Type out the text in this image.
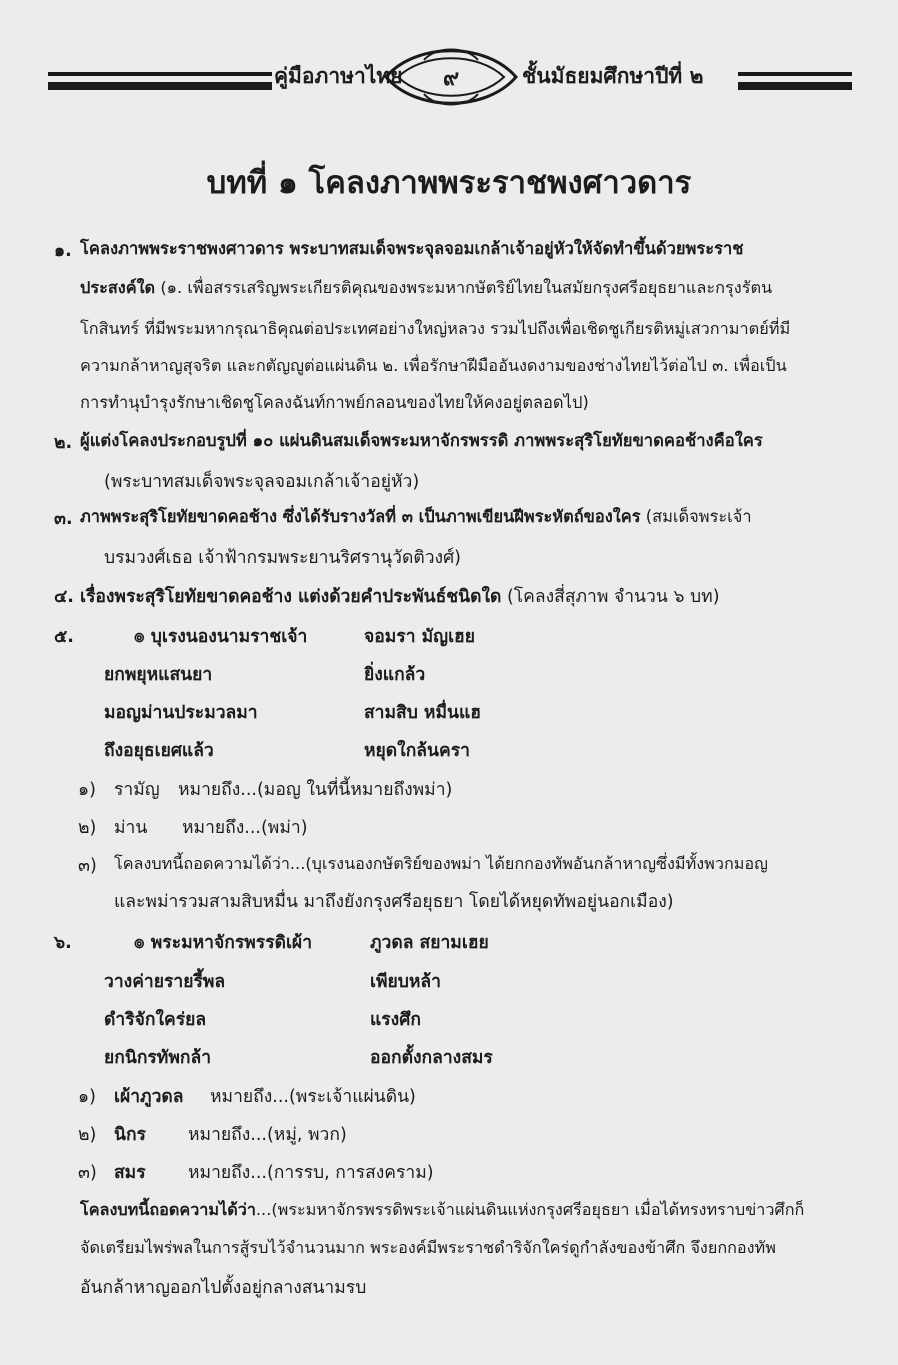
คู่มือภาษาไทย	๙	ชั้นมัธยมศึกษาปีที่ ๒
บทที่ ๑ โคลงภาพพระราชพงศาวดาร
๑. โคลงภาพพระราชพงศาวดาร พระบาทสมเด็จพระจุลจอมเกล้าเจ้าอยู่หัวให้จัดทำขึ้นด้วยพระราช
ประสงค์ใด (๑. เพื่อสรรเสริญพระเกียรติคุณของพระมหากษัตริย์ไทยในสมัยกรุงศรีอยุธยาและกรุงรัตน
โกสินทร์ ที่มีพระมหากรุณาธิคุณต่อประเทศอย่างใหญ่หลวง รวมไปถึงเพื่อเชิดชูเกียรติหมู่เสวกามาตย์ที่มี
ความกล้าหาญสุจริต และกตัญญูต่อแผ่นดิน ๒. เพื่อรักษาฝีมืออันงดงามของช่างไทยไว้ต่อไป ๓. เพื่อเป็น
การทำนุบำรุงรักษาเชิดชูโคลงฉันท์กาพย์กลอนของไทยให้คงอยู่ตลอดไป)
๒. ผู้แต่งโคลงประกอบรูปที่ ๑๐ แผ่นดินสมเด็จพระมหาจักรพรรดิ ภาพพระสุริโยทัยขาดคอช้างคือใคร
(พระบาทสมเด็จพระจุลจอมเกล้าเจ้าอยู่หัว)
๓. ภาพพระสุริโยทัยขาดคอช้าง ซึ่งได้รับรางวัลที่ ๓ เป็นภาพเขียนฝีพระหัตถ์ของใคร (สมเด็จพระเจ้า
บรมวงศ์เธอ เจ้าฟ้ากรมพระยานริศรานุวัดติวงศ์)
๔. เรื่องพระสุริโยทัยขาดคอช้าง แต่งด้วยคำประพันธ์ชนิดใด (โคลงสี่สุภาพ จำนวน ๖ บท)
๕.	๏ บุเรงนองนามราชเจ้า	จอมรา มัญเฮย
ยกพยุหแสนยา	ยิ่งแกล้ว
มอญม่านประมวลมา	สามสิบ หมื่นแฮ
ถึงอยุธเยศแล้ว	หยุดใกล้นครา
๑) รามัญ หมายถึง...(มอญ ในที่นี้หมายถึงพม่า)
๒) ม่าน หมายถึง...(พม่า)
๓) โคลงบทนี้ถอดความได้ว่า...(บุเรงนองกษัตริย์ของพม่า ได้ยกกองทัพอันกล้าหาญซึ่งมีทั้งพวกมอญ
และพม่ารวมสามสิบหมื่น มาถึงยังกรุงศรีอยุธยา โดยได้หยุดทัพอยู่นอกเมือง)
๖.	๏ พระมหาจักรพรรดิเผ้า	ภูวดล สยามเฮย
วางค่ายรายรี้พล	เพียบหล้า
ดำริจักใคร่ยล	แรงศึก
ยกนิกรทัพกล้า	ออกตั้งกลางสมร
๑) เผ้าภูวดล หมายถึง...(พระเจ้าแผ่นดิน)
๒) นิกร หมายถึง...(หมู่, พวก)
๓) สมร หมายถึง...(การรบ, การสงคราม)
โคลงบทนี้ถอดความได้ว่า...(พระมหาจักรพรรดิพระเจ้าแผ่นดินแห่งกรุงศรีอยุธยา เมื่อได้ทรงทราบข่าวศึกก็
จัดเตรียมไพร่พลในการสู้รบไว้จำนวนมาก พระองค์มีพระราชดำริจักใคร่ดูกำลังของข้าศึก จึงยกกองทัพ
อันกล้าหาญออกไปตั้งอยู่กลางสนามรบ
